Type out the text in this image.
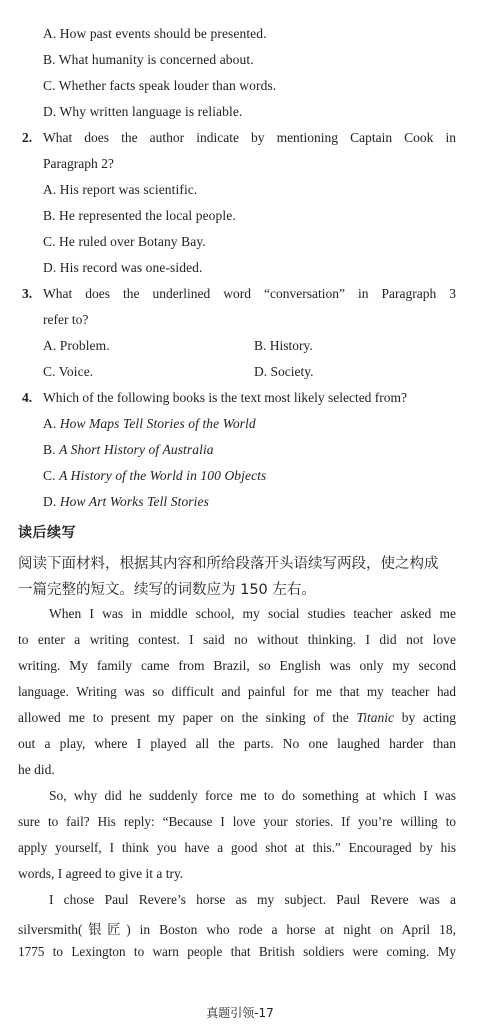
A. How past events should be presented.
B. What humanity is concerned about.
C. Whether facts speak louder than words.
D. Why written language is reliable.
2. What does the author indicate by mentioning Captain Cook in
Paragraph 2?
A. His report was scientific.
B. He represented the local people.
C. He ruled over Botany Bay.
D. His record was one-sided.
3. What does the underlined word “conversation” in Paragraph 3
refer to?
A. Problem.	B. History.
C. Voice.	D. Society.
4. Which of the following books is the text most likely selected from?
A. How Maps Tell Stories of the World
B. A Short History of Australia
C. A History of the World in 100 Objects
D. How Art Works Tell Stories
读后续写
阅读下面材料，根据其内容和所给段落开头语续写两段，使之构成
一篇完整的短文。续写的词数应为 150 左右。
When I was in middle school, my social studies teacher asked me
to enter a writing contest. I said no without thinking. I did not love
writing. My family came from Brazil, so English was only my second
language. Writing was so difficult and painful for me that my teacher had
allowed me to present my paper on the sinking of the Titanic by acting
out a play, where I played all the parts. No one laughed harder than
he did.
So, why did he suddenly force me to do something at which I was
sure to fail? His reply: “Because I love your stories. If you’re willing to
apply yourself, I think you have a good shot at this.” Encouraged by his
words, I agreed to give it a try.
I chose Paul Revere’s horse as my subject. Paul Revere was a
silversmith(银匠) in Boston who rode a horse at night on April 18,
1775 to Lexington to warn people that British soldiers were coming. My
真题引领-17
